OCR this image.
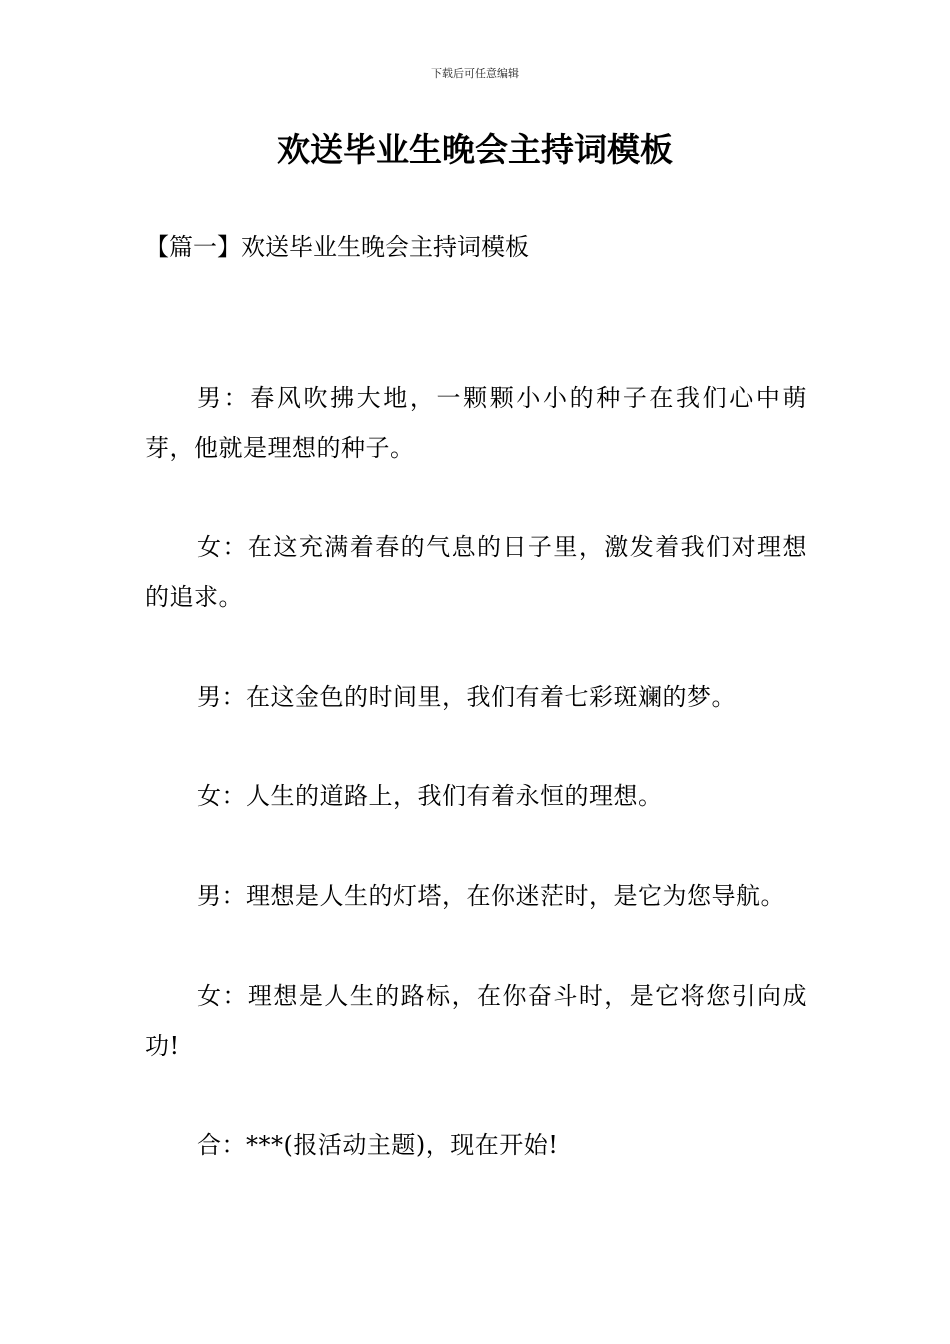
下载后可任意编辑
欢送毕业生晚会主持词模板
【篇一】欢送毕业生晚会主持词模板

男：春风吹拂大地，一颗颗小小的种子在我们心中萌芽，他就是理想的种子。

女：在这充满着春的气息的日子里，激发着我们对理想的追求。

男：在这金色的时间里，我们有着七彩斑斓的梦。

女：人生的道路上，我们有着永恒的理想。

男：理想是人生的灯塔，在你迷茫时，是它为您导航。

女：理想是人生的路标，在你奋斗时，是它将您引向成功!

合：***(报活动主题)，现在开始!
